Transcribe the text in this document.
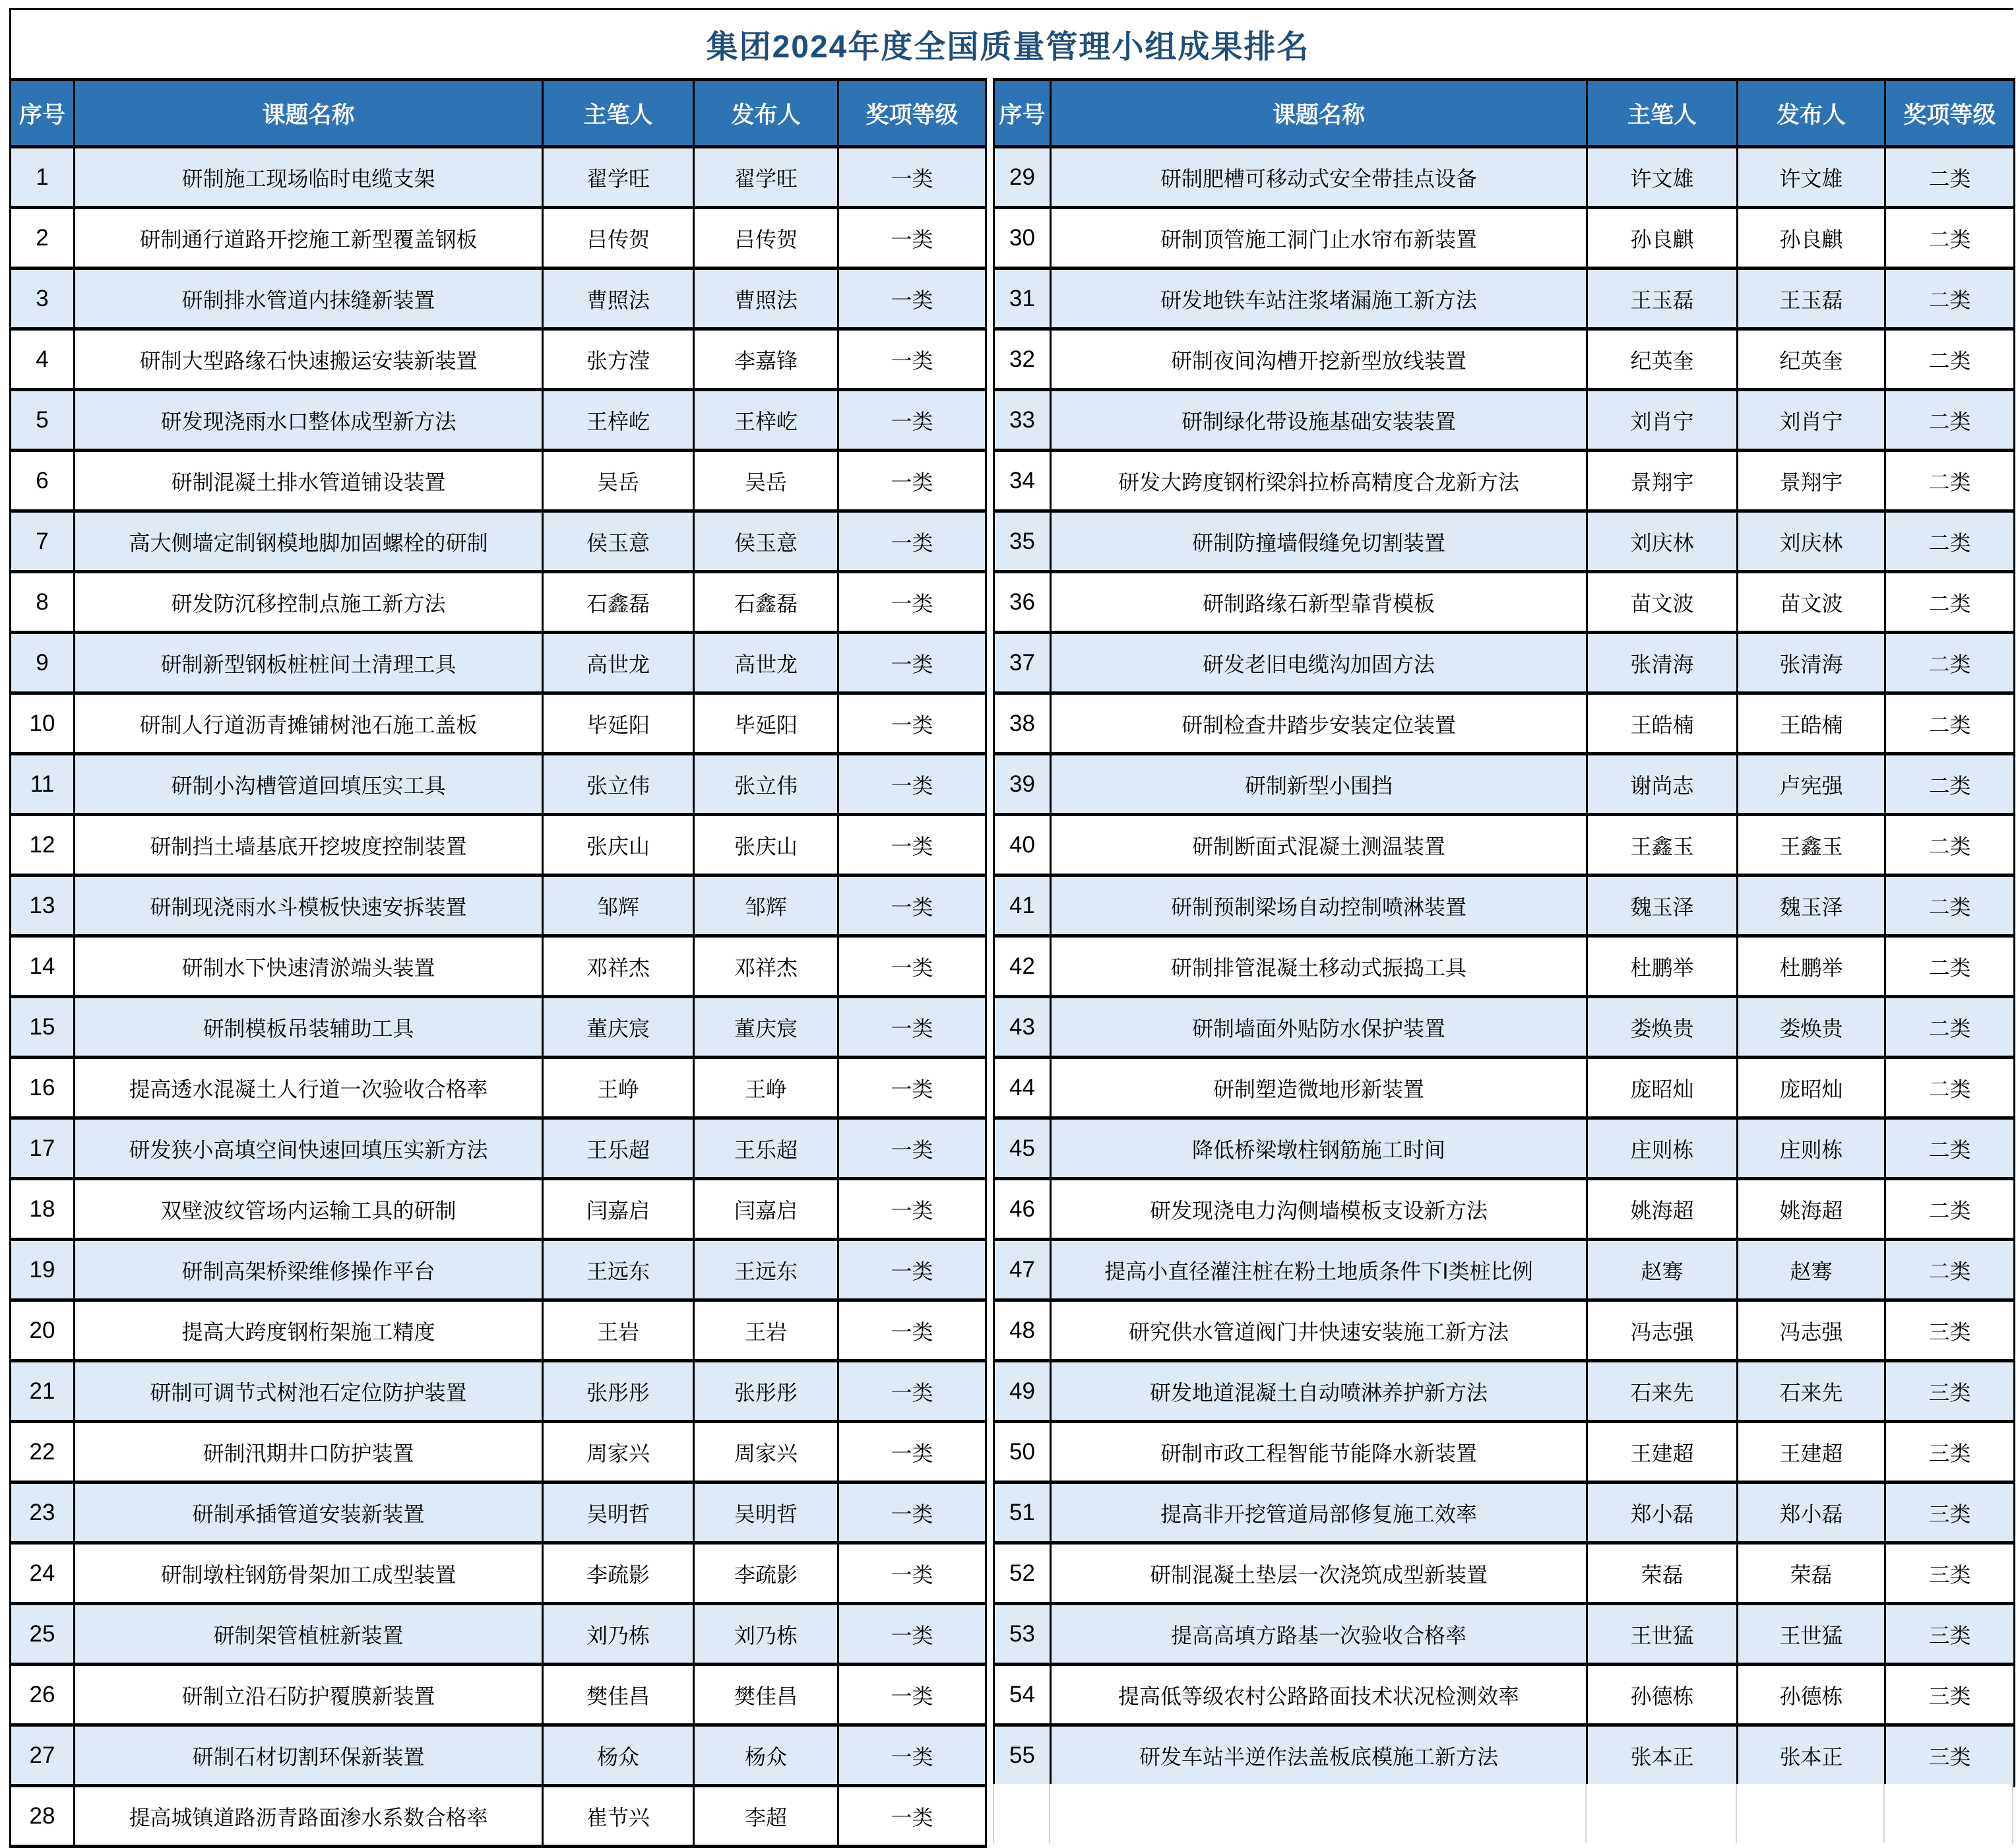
集团2024年度全国质量管理小组成果排名
序号	课题名称	主笔人	发布人	奖项等级
1	研制施工现场临时电缆支架	翟学旺	翟学旺	一类
2	研制通行道路开挖施工新型覆盖钢板	吕传贺	吕传贺	一类
3	研制排水管道内抹缝新装置	曹照法	曹照法	一类
4	研制大型路缘石快速搬运安装新装置	张方滢	李嘉锋	一类
5	研发现浇雨水口整体成型新方法	王梓屹	王梓屹	一类
6	研制混凝土排水管道铺设装置	吴岳	吴岳	一类
7	高大侧墙定制钢模地脚加固螺栓的研制	侯玉意	侯玉意	一类
8	研发防沉移控制点施工新方法	石鑫磊	石鑫磊	一类
9	研制新型钢板桩桩间土清理工具	高世龙	高世龙	一类
10	研制人行道沥青摊铺树池石施工盖板	毕延阳	毕延阳	一类
11	研制小沟槽管道回填压实工具	张立伟	张立伟	一类
12	研制挡土墙基底开挖坡度控制装置	张庆山	张庆山	一类
13	研制现浇雨水斗模板快速安拆装置	邹辉	邹辉	一类
14	研制水下快速清淤端头装置	邓祥杰	邓祥杰	一类
15	研制模板吊装辅助工具	董庆宸	董庆宸	一类
16	提高透水混凝土人行道一次验收合格率	王峥	王峥	一类
17	研发狭小高填空间快速回填压实新方法	王乐超	王乐超	一类
18	双壁波纹管场内运输工具的研制	闫嘉启	闫嘉启	一类
19	研制高架桥梁维修操作平台	王远东	王远东	一类
20	提高大跨度钢桁架施工精度	王岩	王岩	一类
21	研制可调节式树池石定位防护装置	张彤彤	张彤彤	一类
22	研制汛期井口防护装置	周家兴	周家兴	一类
23	研制承插管道安装新装置	吴明哲	吴明哲	一类
24	研制墩柱钢筋骨架加工成型装置	李疏影	李疏影	一类
25	研制架管植桩新装置	刘乃栋	刘乃栋	一类
26	研制立沿石防护覆膜新装置	樊佳昌	樊佳昌	一类
27	研制石材切割环保新装置	杨众	杨众	一类
28	提高城镇道路沥青路面渗水系数合格率	崔节兴	李超	一类
序号	课题名称	主笔人	发布人	奖项等级
29	研制肥槽可移动式安全带挂点设备	许文雄	许文雄	二类
30	研制顶管施工洞门止水帘布新装置	孙良麒	孙良麒	二类
31	研发地铁车站注浆堵漏施工新方法	王玉磊	王玉磊	二类
32	研制夜间沟槽开挖新型放线装置	纪英奎	纪英奎	二类
33	研制绿化带设施基础安装装置	刘肖宁	刘肖宁	二类
34	研发大跨度钢桁梁斜拉桥高精度合龙新方法	景翔宇	景翔宇	二类
35	研制防撞墙假缝免切割装置	刘庆林	刘庆林	二类
36	研制路缘石新型靠背模板	苗文波	苗文波	二类
37	研发老旧电缆沟加固方法	张清海	张清海	二类
38	研制检查井踏步安装定位装置	王皓楠	王皓楠	二类
39	研制新型小围挡	谢尚志	卢宪强	二类
40	研制断面式混凝土测温装置	王鑫玉	王鑫玉	二类
41	研制预制梁场自动控制喷淋装置	魏玉泽	魏玉泽	二类
42	研制排管混凝土移动式振捣工具	杜鹏举	杜鹏举	二类
43	研制墙面外贴防水保护装置	娄焕贵	娄焕贵	二类
44	研制塑造微地形新装置	庞昭灿	庞昭灿	二类
45	降低桥梁墩柱钢筋施工时间	庄则栋	庄则栋	二类
46	研发现浇电力沟侧墙模板支设新方法	姚海超	姚海超	二类
47	提高小直径灌注桩在粉土地质条件下Ⅰ类桩比例	赵骞	赵骞	二类
48	研究供水管道阀门井快速安装施工新方法	冯志强	冯志强	三类
49	研发地道混凝土自动喷淋养护新方法	石来先	石来先	三类
50	研制市政工程智能节能降水新装置	王建超	王建超	三类
51	提高非开挖管道局部修复施工效率	郑小磊	郑小磊	三类
52	研制混凝土垫层一次浇筑成型新装置	荣磊	荣磊	三类
53	提高高填方路基一次验收合格率	王世猛	王世猛	三类
54	提高低等级农村公路路面技术状况检测效率	孙德栋	孙德栋	三类
55	研发车站半逆作法盖板底模施工新方法	张本正	张本正	三类
